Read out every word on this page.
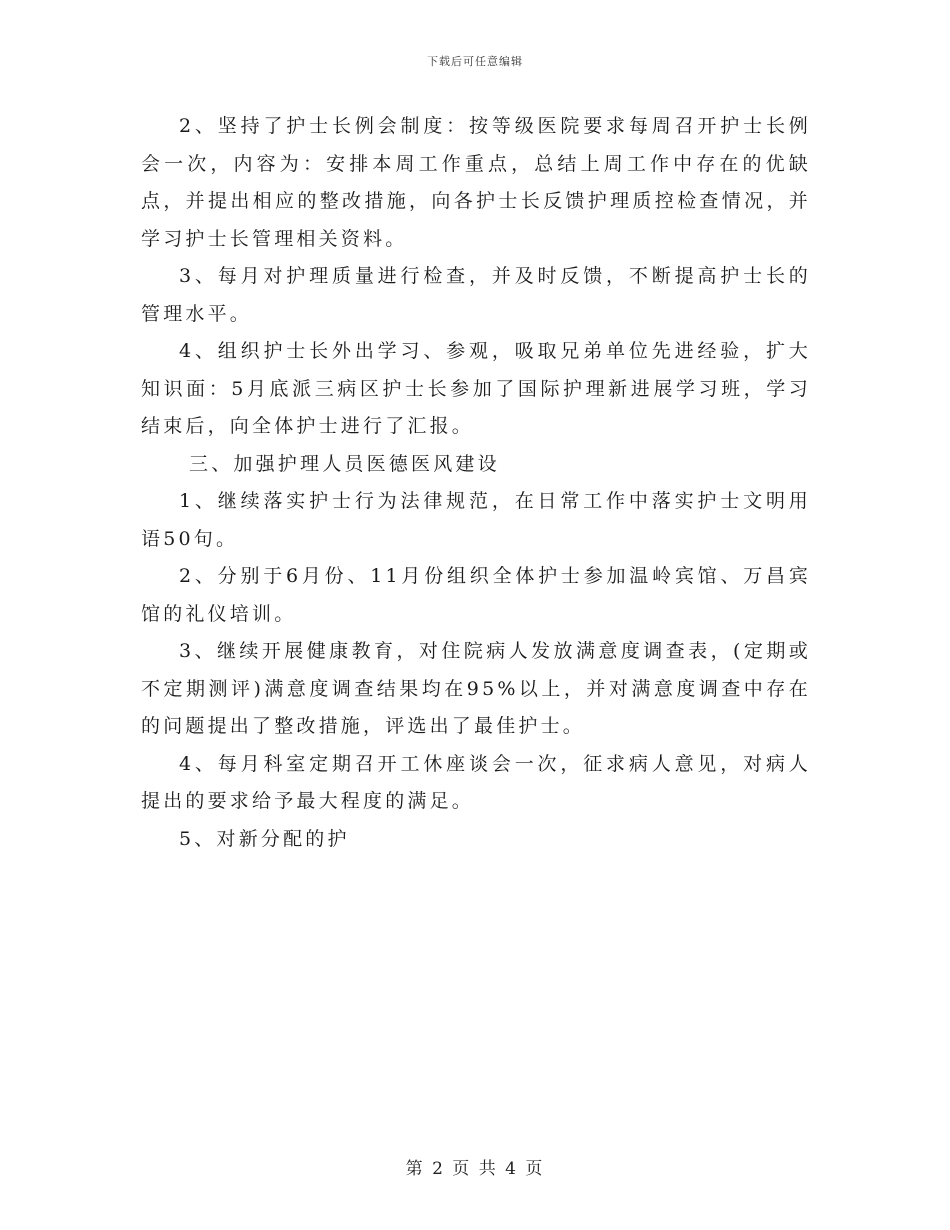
下载后可任意编辑

2、坚持了护士长例会制度：按等级医院要求每周召开护士长例会一次，内容为：安排本周工作重点，总结上周工作中存在的优缺点，并提出相应的整改措施，向各护士长反馈护理质控检查情况，并学习护士长管理相关资料。

3、每月对护理质量进行检查，并及时反馈，不断提高护士长的管理水平。

4、组织护士长外出学习、参观，吸取兄弟单位先进经验，扩大知识面：5月底派三病区护士长参加了国际护理新进展学习班，学习结束后，向全体护士进行了汇报。

三、加强护理人员医德医风建设

1、继续落实护士行为法律规范，在日常工作中落实护士文明用语50句。

2、分别于6月份、11月份组织全体护士参加温岭宾馆、万昌宾馆的礼仪培训。

3、继续开展健康教育，对住院病人发放满意度调查表，(定期或不定期测评)满意度调查结果均在95%以上，并对满意度调查中存在的问题提出了整改措施，评选出了最佳护士。

4、每月科室定期召开工休座谈会一次，征求病人意见，对病人提出的要求给予最大程度的满足。

5、对新分配的护

第 2 页 共 4 页
